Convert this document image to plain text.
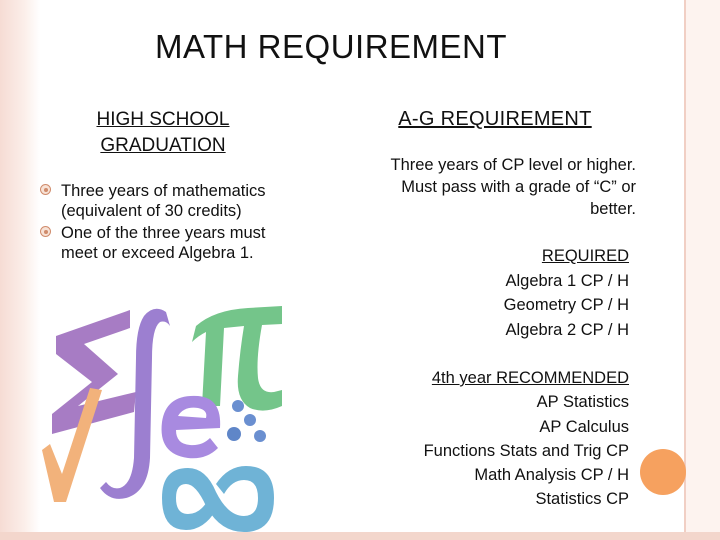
MATH REQUIREMENT
HIGH SCHOOL
GRADUATION
Three years of mathematics
(equivalent of 30 credits)
One of the three years must
meet or exceed Algebra 1.
A-G REQUIREMENT
Three years of CP level or higher.
Must pass with a grade of “C” or
better.
REQUIRED
Algebra 1 CP / H
Geometry CP / H
Algebra 2 CP / H
4th year RECOMMENDED
AP Statistics
AP Calculus
Functions Stats and Trig CP
Math Analysis CP / H
Statistics CP
